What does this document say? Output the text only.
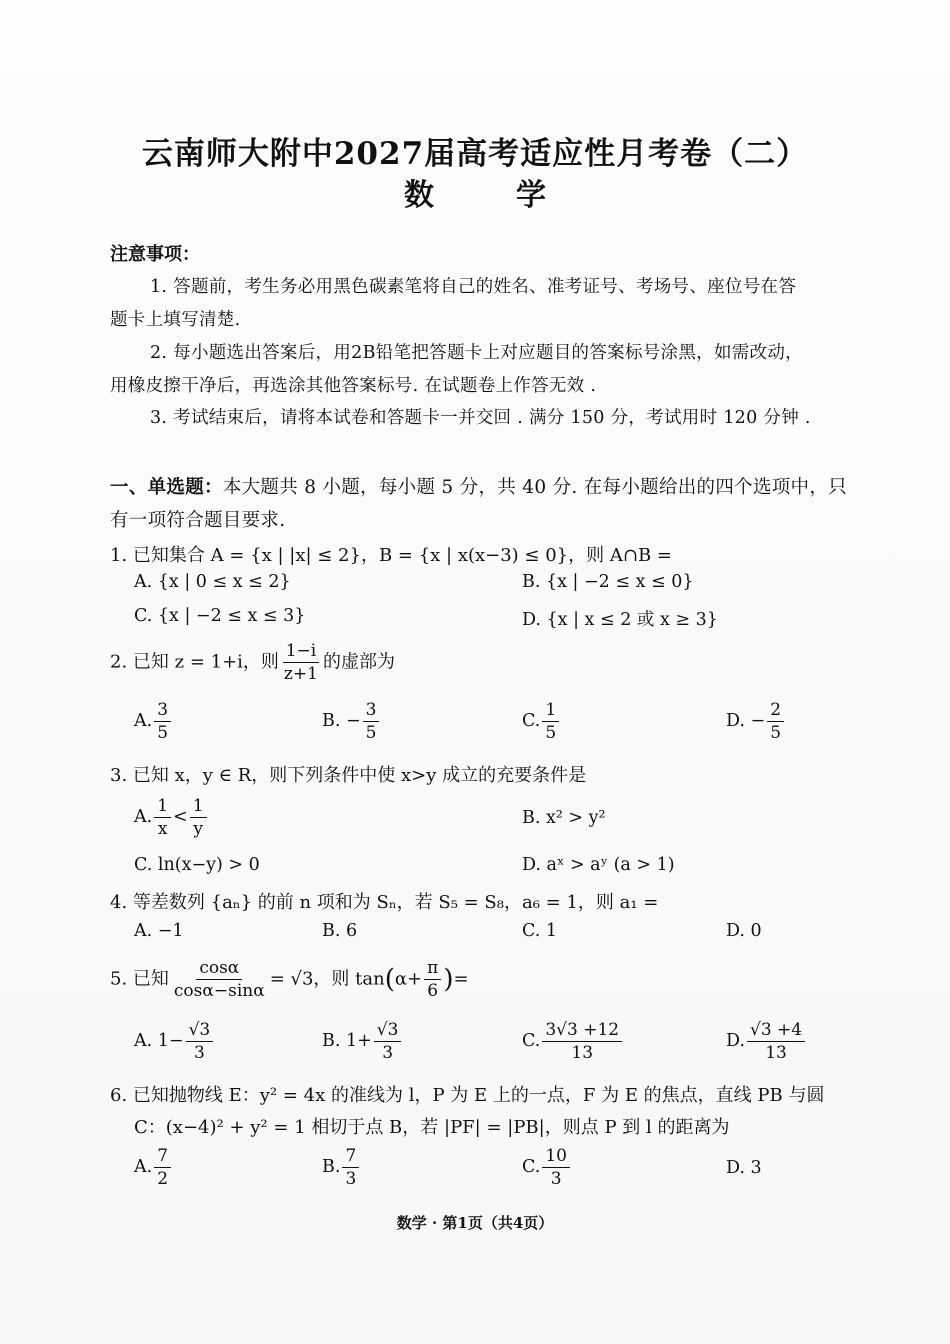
云南师大附中2027届高考适应性月考卷（二）
数　学
注意事项：
1. 答题前，考生务必用黑色碳素笔将自己的姓名、准考证号、考场号、座位号在答
题卡上填写清楚.
2. 每小题选出答案后，用2B铅笔把答题卡上对应题目的答案标号涂黑，如需改动，
用橡皮擦干净后，再选涂其他答案标号. 在试题卷上作答无效 .
3. 考试结束后，请将本试卷和答题卡一并交回 . 满分 150 分，考试用时 120 分钟 .
一、单选题：本大题共 8 小题，每小题 5 分，共 40 分. 在每小题给出的四个选项中，只
有一项符合题目要求.
1. 已知集合 A = {x | |x| ≤ 2}，B = {x | x(x−3) ≤ 0}，则 A∩B =
A. {x | 0 ≤ x ≤ 2}	B. {x | −2 ≤ x ≤ 0}
C. {x | −2 ≤ x ≤ 3}	D. {x | x ≤ 2 或 x ≥ 3}
2. 已知 z = 1+i，则 $\frac{1-i}{z+1}$ 的虚部为
A. $\frac{3}{5}$	B. − $\frac{3}{5}$	C. $\frac{1}{5}$	D. − $\frac{2}{5}$
3. 已知 x，y ∈ R，则下列条件中使 x>y 成立的充要条件是
A. $\frac{1}{x} < \frac{1}{y}$	B. x² > y²
C. ln(x−y) > 0	D. aˣ > aʸ (a > 1)
4. 等差数列 {aₙ} 的前 n 项和为 Sₙ，若 S₅ = S₈，a₆ = 1，则 a₁ =
A. −1	B. 6	C. 1	D. 0
5. 已知 $\frac{\cos\alpha}{\cos\alpha-\sin\alpha} = √3$，则 $\tan(\alpha+ \frac{\pi}{6}$ )=
A. $1- \frac{√3}{3}$	B. $1+ \frac{√3}{3}$	C. $\frac{3√3 +12}{13}$	D. $\frac{√3 +4}{13}$
6. 已知抛物线 E：y² = 4x 的准线为 l，P 为 E 上的一点，F 为 E 的焦点，直线 PB 与圆
C：(x−4)² + y² = 1 相切于点 B，若 |PF| = |PB|，则点 P 到 l 的距离为
A. $\frac{7}{2}$	B. $\frac{7}{3}$	C. $\frac{10}{3}$	D. 3
数学 · 第1页（共4页）
